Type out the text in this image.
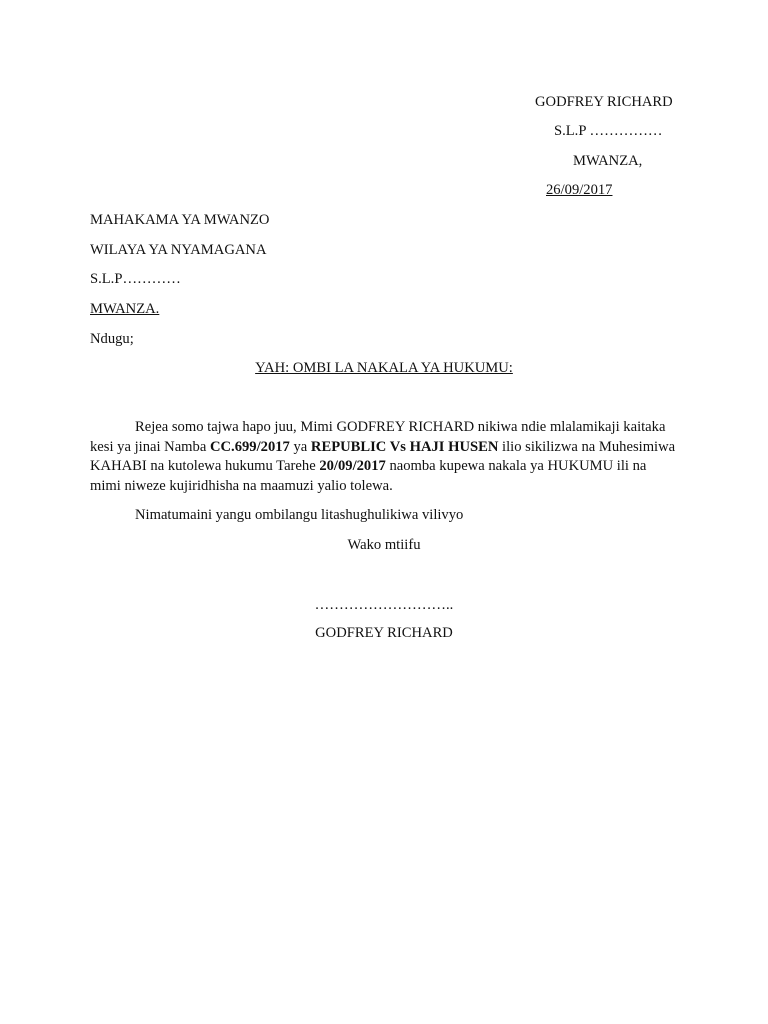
GODFREY RICHARD
S.L.P ……………
MWANZA,
26/09/2017
MAHAKAMA YA MWANZO
WILAYA YA NYAMAGANA
S.L.P…………
MWANZA.
Ndugu;
YAH: OMBI LA NAKALA YA HUKUMU:
Rejea somo tajwa hapo juu, Mimi GODFREY RICHARD nikiwa ndie mlalamikaji kaitaka kesi ya jinai Namba CC.699/2017 ya REPUBLIC Vs HAJI HUSEN ilio sikilizwa na Muhesimiwa KAHABI na kutolewa hukumu Tarehe 20/09/2017 naomba kupewa nakala ya HUKUMU ili na mimi niweze kujiridhisha na maamuzi yalio tolewa.
Nimatumaini yangu ombilangu litashughulikiwa vilivyo
Wako mtiifu
………………………..
GODFREY RICHARD
